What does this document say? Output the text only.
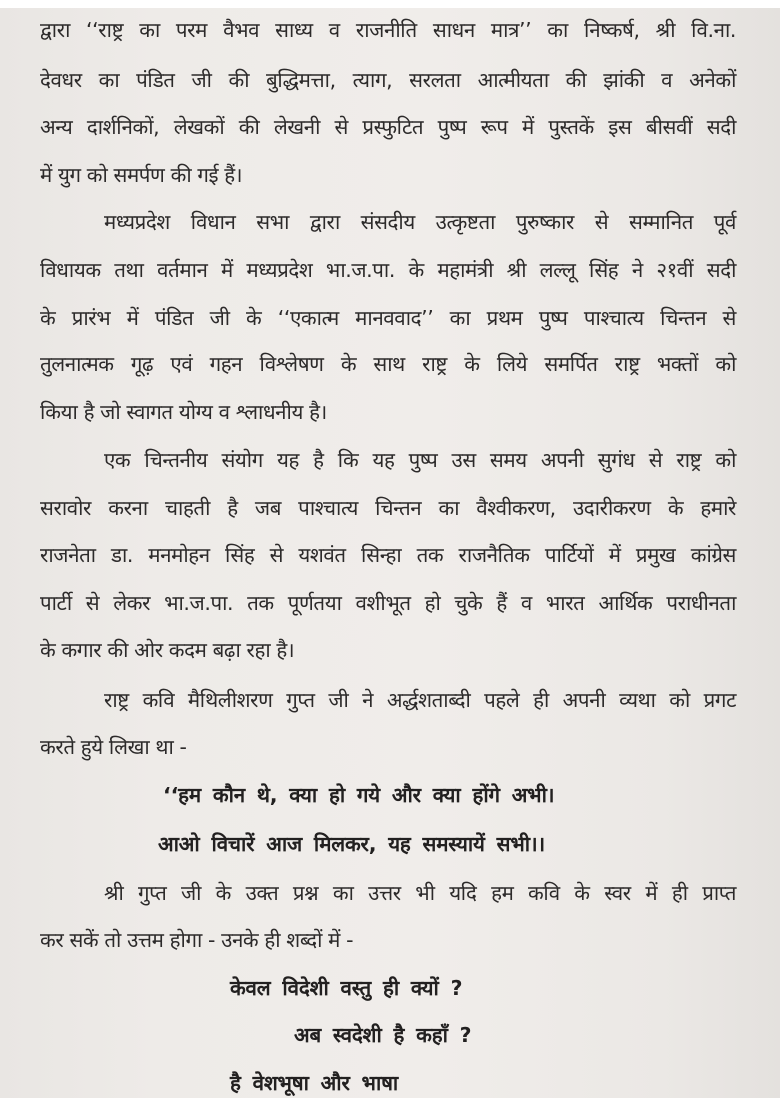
द्वारा ‘‘राष्ट्र का परम वैभव साध्य व राजनीति साधन मात्र’’ का निष्कर्ष, श्री वि.ना.
देवधर का पंडित जी की बुद्धिमत्ता, त्याग, सरलता आत्मीयता की झांकी व अनेकों
अन्य दार्शनिकों, लेखकों की लेखनी से प्रस्फुटित पुष्प रूप में पुस्तकें इस बीसवीं सदी
में युग को समर्पण की गई हैं।
मध्यप्रदेश विधान सभा द्वारा संसदीय उत्कृष्टता पुरुष्कार से सम्मानित पूर्व
विधायक तथा वर्तमान में मध्यप्रदेश भा.ज.पा. के महामंत्री श्री लल्लू सिंह ने २१वीं सदी
के प्रारंभ में पंडित जी के ‘‘एकात्म मानववाद’’ का प्रथम पुष्प पाश्चात्य चिन्तन से
तुलनात्मक गूढ़ एवं गहन विश्लेषण के साथ राष्ट्र के लिये समर्पित राष्ट्र भक्तों को
किया है जो स्वागत योग्य व श्लाधनीय है।
एक चिन्तनीय संयोग यह है कि यह पुष्प उस समय अपनी सुगंध से राष्ट्र को
सरावोर करना चाहती है जब पाश्चात्य चिन्तन का वैश्वीकरण, उदारीकरण के हमारे
राजनेता डा. मनमोहन सिंह से यशवंत सिन्हा तक राजनैतिक पार्टियों में प्रमुख कांग्रेस
पार्टी से लेकर भा.ज.पा. तक पूर्णतया वशीभूत हो चुके हैं व भारत आर्थिक पराधीनता
के कगार की ओर कदम बढ़ा रहा है।
राष्ट्र कवि मैथिलीशरण गुप्त जी ने अर्द्धशताब्दी पहले ही अपनी व्यथा को प्रगट
करते हुये लिखा था -
‘‘हम कौन थे, क्या हो गये और क्या होंगे अभी।
आओ विचारें आज मिलकर, यह समस्यायें सभी।।
श्री गुप्त जी के उक्त प्रश्न का उत्तर भी यदि हम कवि के स्वर में ही प्राप्त
कर सकें तो उत्तम होगा - उनके ही शब्दों में -
केवल विदेशी वस्तु ही क्यों ?
अब स्वदेशी है कहाँ ?
है वेशभूषा और भाषा
